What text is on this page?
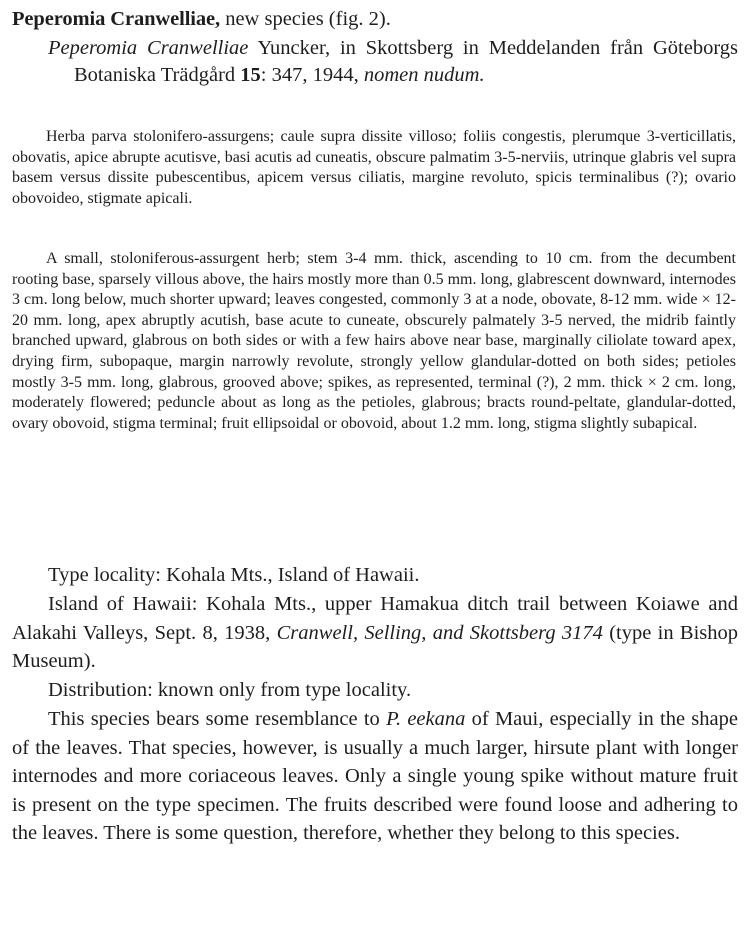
Peperomia Cranwelliae, new species (fig. 2).
Peperomia Cranwelliae Yuncker, in Skottsberg in Meddelanden från Göteborgs Botaniska Trädgård 15: 347, 1944, nomen nudum.

Herba parva stolonifero-assurgens; caule supra dissite villoso; foliis congestis, plerumque 3-verticillatis, obovatis, apice abrupte acutisve, basi acutis ad cuneatis, obscure palmatim 3-5-nerviis, utrinque glabris vel supra basem versus dissite pubescentibus, apicem versus ciliatis, margine revoluto, spicis terminalibus (?); ovario obovoideo, stigmate apicali.

A small, stoloniferous-assurgent herb; stem 3-4 mm. thick, ascending to 10 cm. from the decumbent rooting base, sparsely villous above, the hairs mostly more than 0.5 mm. long, glabrescent downward, internodes 3 cm. long below, much shorter upward; leaves congested, commonly 3 at a node, obovate, 8-12 mm. wide × 12-20 mm. long, apex abruptly acutish, base acute to cuneate, obscurely palmately 3-5 nerved, the midrib faintly branched upward, glabrous on both sides or with a few hairs above near base, marginally ciliolate toward apex, drying firm, subopaque, margin narrowly revolute, strongly yellow glandular-dotted on both sides; petioles mostly 3-5 mm. long, glabrous, grooved above; spikes, as represented, terminal (?), 2 mm. thick × 2 cm. long, moderately flowered; peduncle about as long as the petioles, glabrous; bracts round-peltate, glandular-dotted, ovary obovoid, stigma terminal; fruit ellipsoidal or obovoid, about 1.2 mm. long, stigma slightly subapical.

Type locality: Kohala Mts., Island of Hawaii.

Island of Hawaii: Kohala Mts., upper Hamakua ditch trail between Koiawe and Alakahi Valleys, Sept. 8, 1938, Cranwell, Selling, and Skottsberg 3174 (type in Bishop Museum).

Distribution: known only from type locality.

This species bears some resemblance to P. eekana of Maui, especially in the shape of the leaves. That species, however, is usually a much larger, hirsute plant with longer internodes and more coriaceous leaves. Only a single young spike without mature fruit is present on the type specimen. The fruits described were found loose and adhering to the leaves. There is some question, therefore, whether they belong to this species.
